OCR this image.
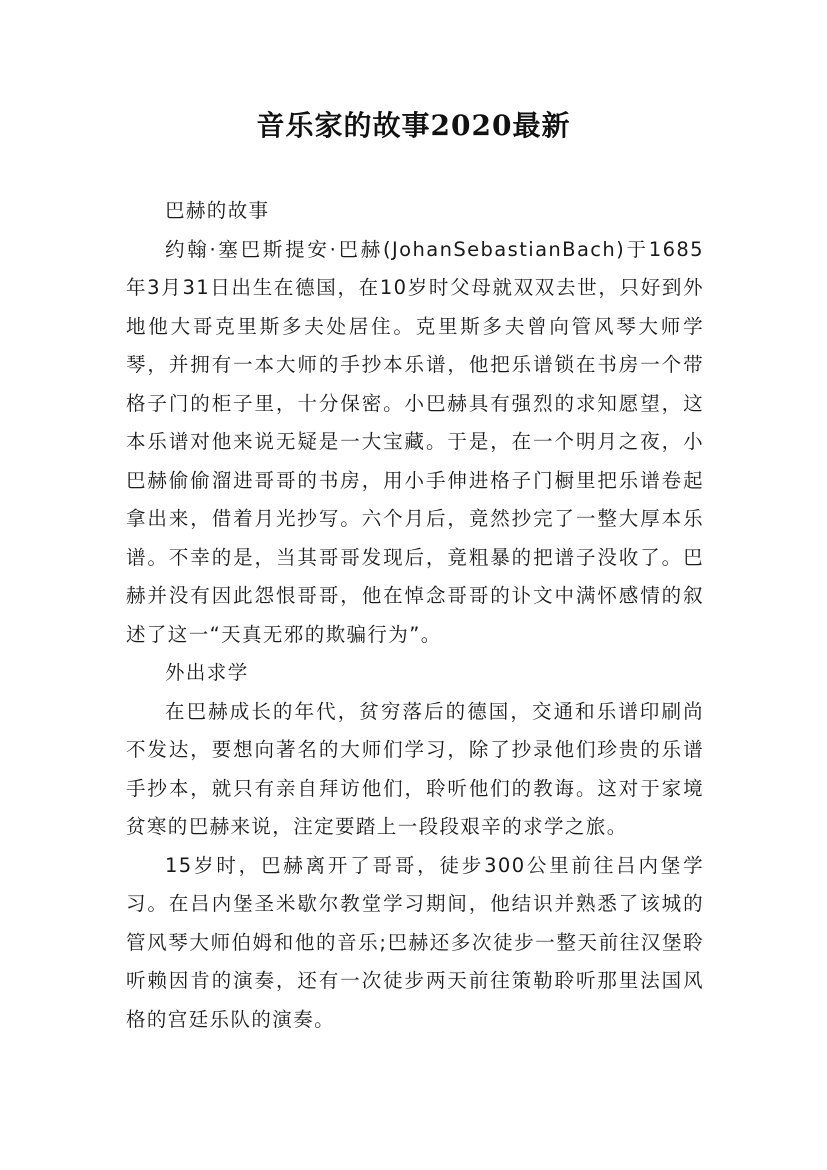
音乐家的故事2020最新

巴赫的故事

约翰·塞巴斯提安·巴赫(JohanSebastianBach)于1685年3月31日出生在德国，在10岁时父母就双双去世，只好到外地他大哥克里斯多夫处居住。克里斯多夫曾向管风琴大师学琴，并拥有一本大师的手抄本乐谱，他把乐谱锁在书房一个带格子门的柜子里，十分保密。小巴赫具有强烈的求知愿望，这本乐谱对他来说无疑是一大宝藏。于是，在一个明月之夜，小巴赫偷偷溜进哥哥的书房，用小手伸进格子门橱里把乐谱卷起拿出来，借着月光抄写。六个月后，竟然抄完了一整大厚本乐谱。不幸的是，当其哥哥发现后，竟粗暴的把谱子没收了。巴赫并没有因此怨恨哥哥，他在悼念哥哥的讣文中满怀感情的叙述了这一“天真无邪的欺骗行为”。

外出求学

在巴赫成长的年代，贫穷落后的德国，交通和乐谱印刷尚不发达，要想向著名的大师们学习，除了抄录他们珍贵的乐谱手抄本，就只有亲自拜访他们，聆听他们的教诲。这对于家境贫寒的巴赫来说，注定要踏上一段段艰辛的求学之旅。

15岁时，巴赫离开了哥哥，徒步300公里前往吕内堡学习。在吕内堡圣米歇尔教堂学习期间，他结识并熟悉了该城的管风琴大师伯姆和他的音乐;巴赫还多次徒步一整天前往汉堡聆听赖因肯的演奏，还有一次徒步两天前往策勒聆听那里法国风格的宫廷乐队的演奏。
